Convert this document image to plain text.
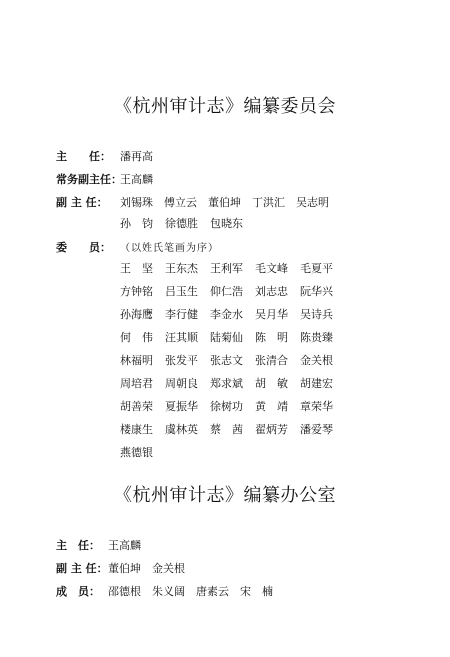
《杭州审计志》编纂委员会
主　　任： 潘再高
常务副主任：王高麟
副 主 任： 刘锡珠 傅立云 董伯坤 丁洪汇 吴志明
孙　钧 徐德胜 包晓东
委　　员： （以姓氏笔画为序）
王　坚 王东杰 王利军 毛文峰 毛夏平
方钟铭 吕玉生 仰仁浩 刘志忠 阮华兴
孙海鹰 李行健 李金水 吴月华 吴诗兵
何　伟 汪其顺 陆菊仙 陈　明 陈贵臻
林福明 张发平 张志文 张清合 金关根
周培君 周朝良 郑求斌 胡　敏 胡建宏
胡善荣 夏振华 徐树功 黄　靖 章荣华
楼康生 虞林英 蔡　茜 翟炳芳 潘爱琴
燕德银
《杭州审计志》编纂办公室
主　任： 王高麟
副 主 任：董伯坤 金关根
成　员： 邵德根 朱义阔 唐素云 宋　楠
